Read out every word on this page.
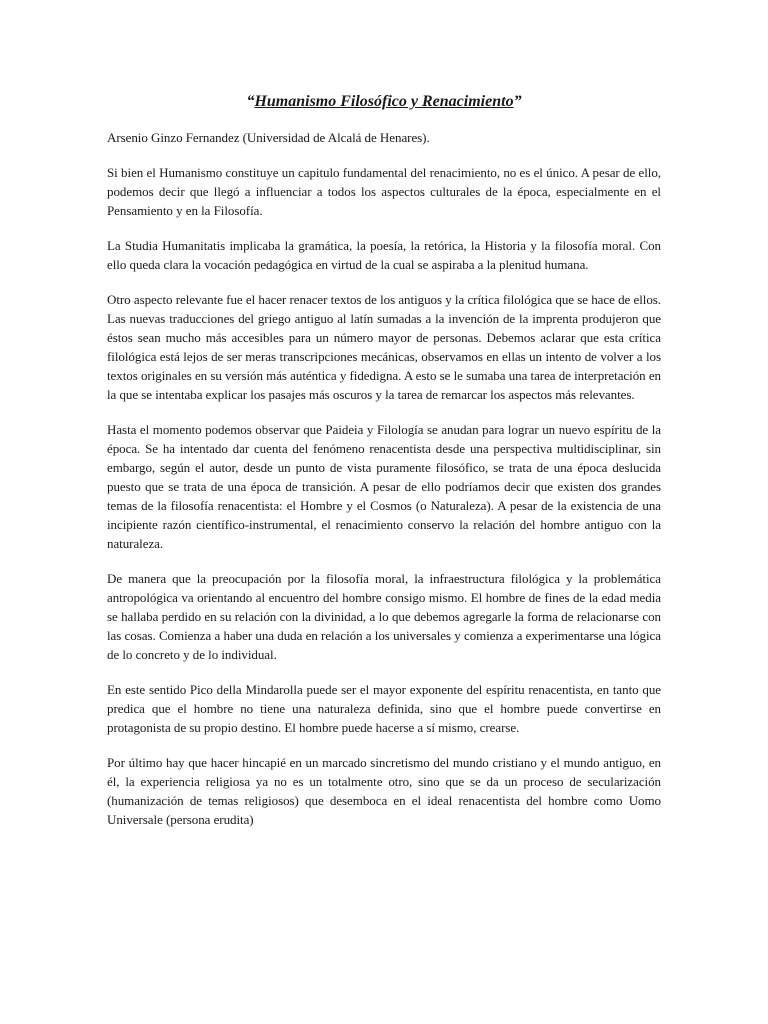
“Humanismo Filosófico y Renacimiento”

Arsenio Ginzo Fernandez (Universidad de Alcalá de Henares).

Si bien el Humanismo constituye un capitulo fundamental del renacimiento, no es el único. A pesar de ello, podemos decir que llegó a influenciar a todos los aspectos culturales de la época, especialmente en el Pensamiento y en la Filosofía.

La Studia Humanitatis implicaba la gramática, la poesía, la retórica, la Historia y la filosofía moral. Con ello queda clara la vocación pedagógica en virtud de la cual se aspiraba a la plenitud humana.

Otro aspecto relevante fue el hacer renacer textos de los antiguos y la crítica filológica que se hace de ellos. Las nuevas traducciones del griego antiguo al latín sumadas a la invención de la imprenta produjeron que éstos sean mucho más accesibles para un número mayor de personas. Debemos aclarar que esta crítica filológica está lejos de ser meras transcripciones mecánicas, observamos en ellas un intento de volver a los textos originales en su versión más auténtica y fidedigna. A esto se le sumaba una tarea de interpretación en la que se intentaba explicar los pasajes más oscuros y la tarea de remarcar los aspectos más relevantes.

Hasta el momento podemos observar que Paideia y Filología se anudan para lograr un nuevo espíritu de la época. Se ha intentado dar cuenta del fenómeno renacentista desde una perspectiva multidisciplinar, sin embargo, según el autor, desde un punto de vista puramente filosófico, se trata de una época deslucida puesto que se trata de una época de transición. A pesar de ello podríamos decir que existen dos grandes temas de la filosofía renacentista: el Hombre y el Cosmos (o Naturaleza). A pesar de la existencia de una incipiente razón científico-instrumental, el renacimiento conservo la relación del hombre antiguo con la naturaleza.

De manera que la preocupación por la filosofía moral, la infraestructura filológica y la problemática antropológica va orientando al encuentro del hombre consigo mismo. El hombre de fines de la edad media se hallaba perdido en su relación con la divinidad, a lo que debemos agregarle la forma de relacionarse con las cosas. Comienza a haber una duda en relación a los universales y comienza a experimentarse una lógica de lo concreto y de lo individual.

En este sentido Pico della Mindarolla puede ser el mayor exponente del espíritu renacentista, en tanto que predica que el hombre no tiene una naturaleza definida, sino que el hombre puede convertirse en protagonista de su propio destino. El hombre puede hacerse a sí mismo, crearse.

Por último hay que hacer hincapié en un marcado sincretismo del mundo cristiano y el mundo antiguo, en él, la experiencia religiosa ya no es un totalmente otro, sino que se da un proceso de secularización (humanización de temas religiosos) que desemboca en el ideal renacentista del hombre como Uomo Universale (persona erudita)
